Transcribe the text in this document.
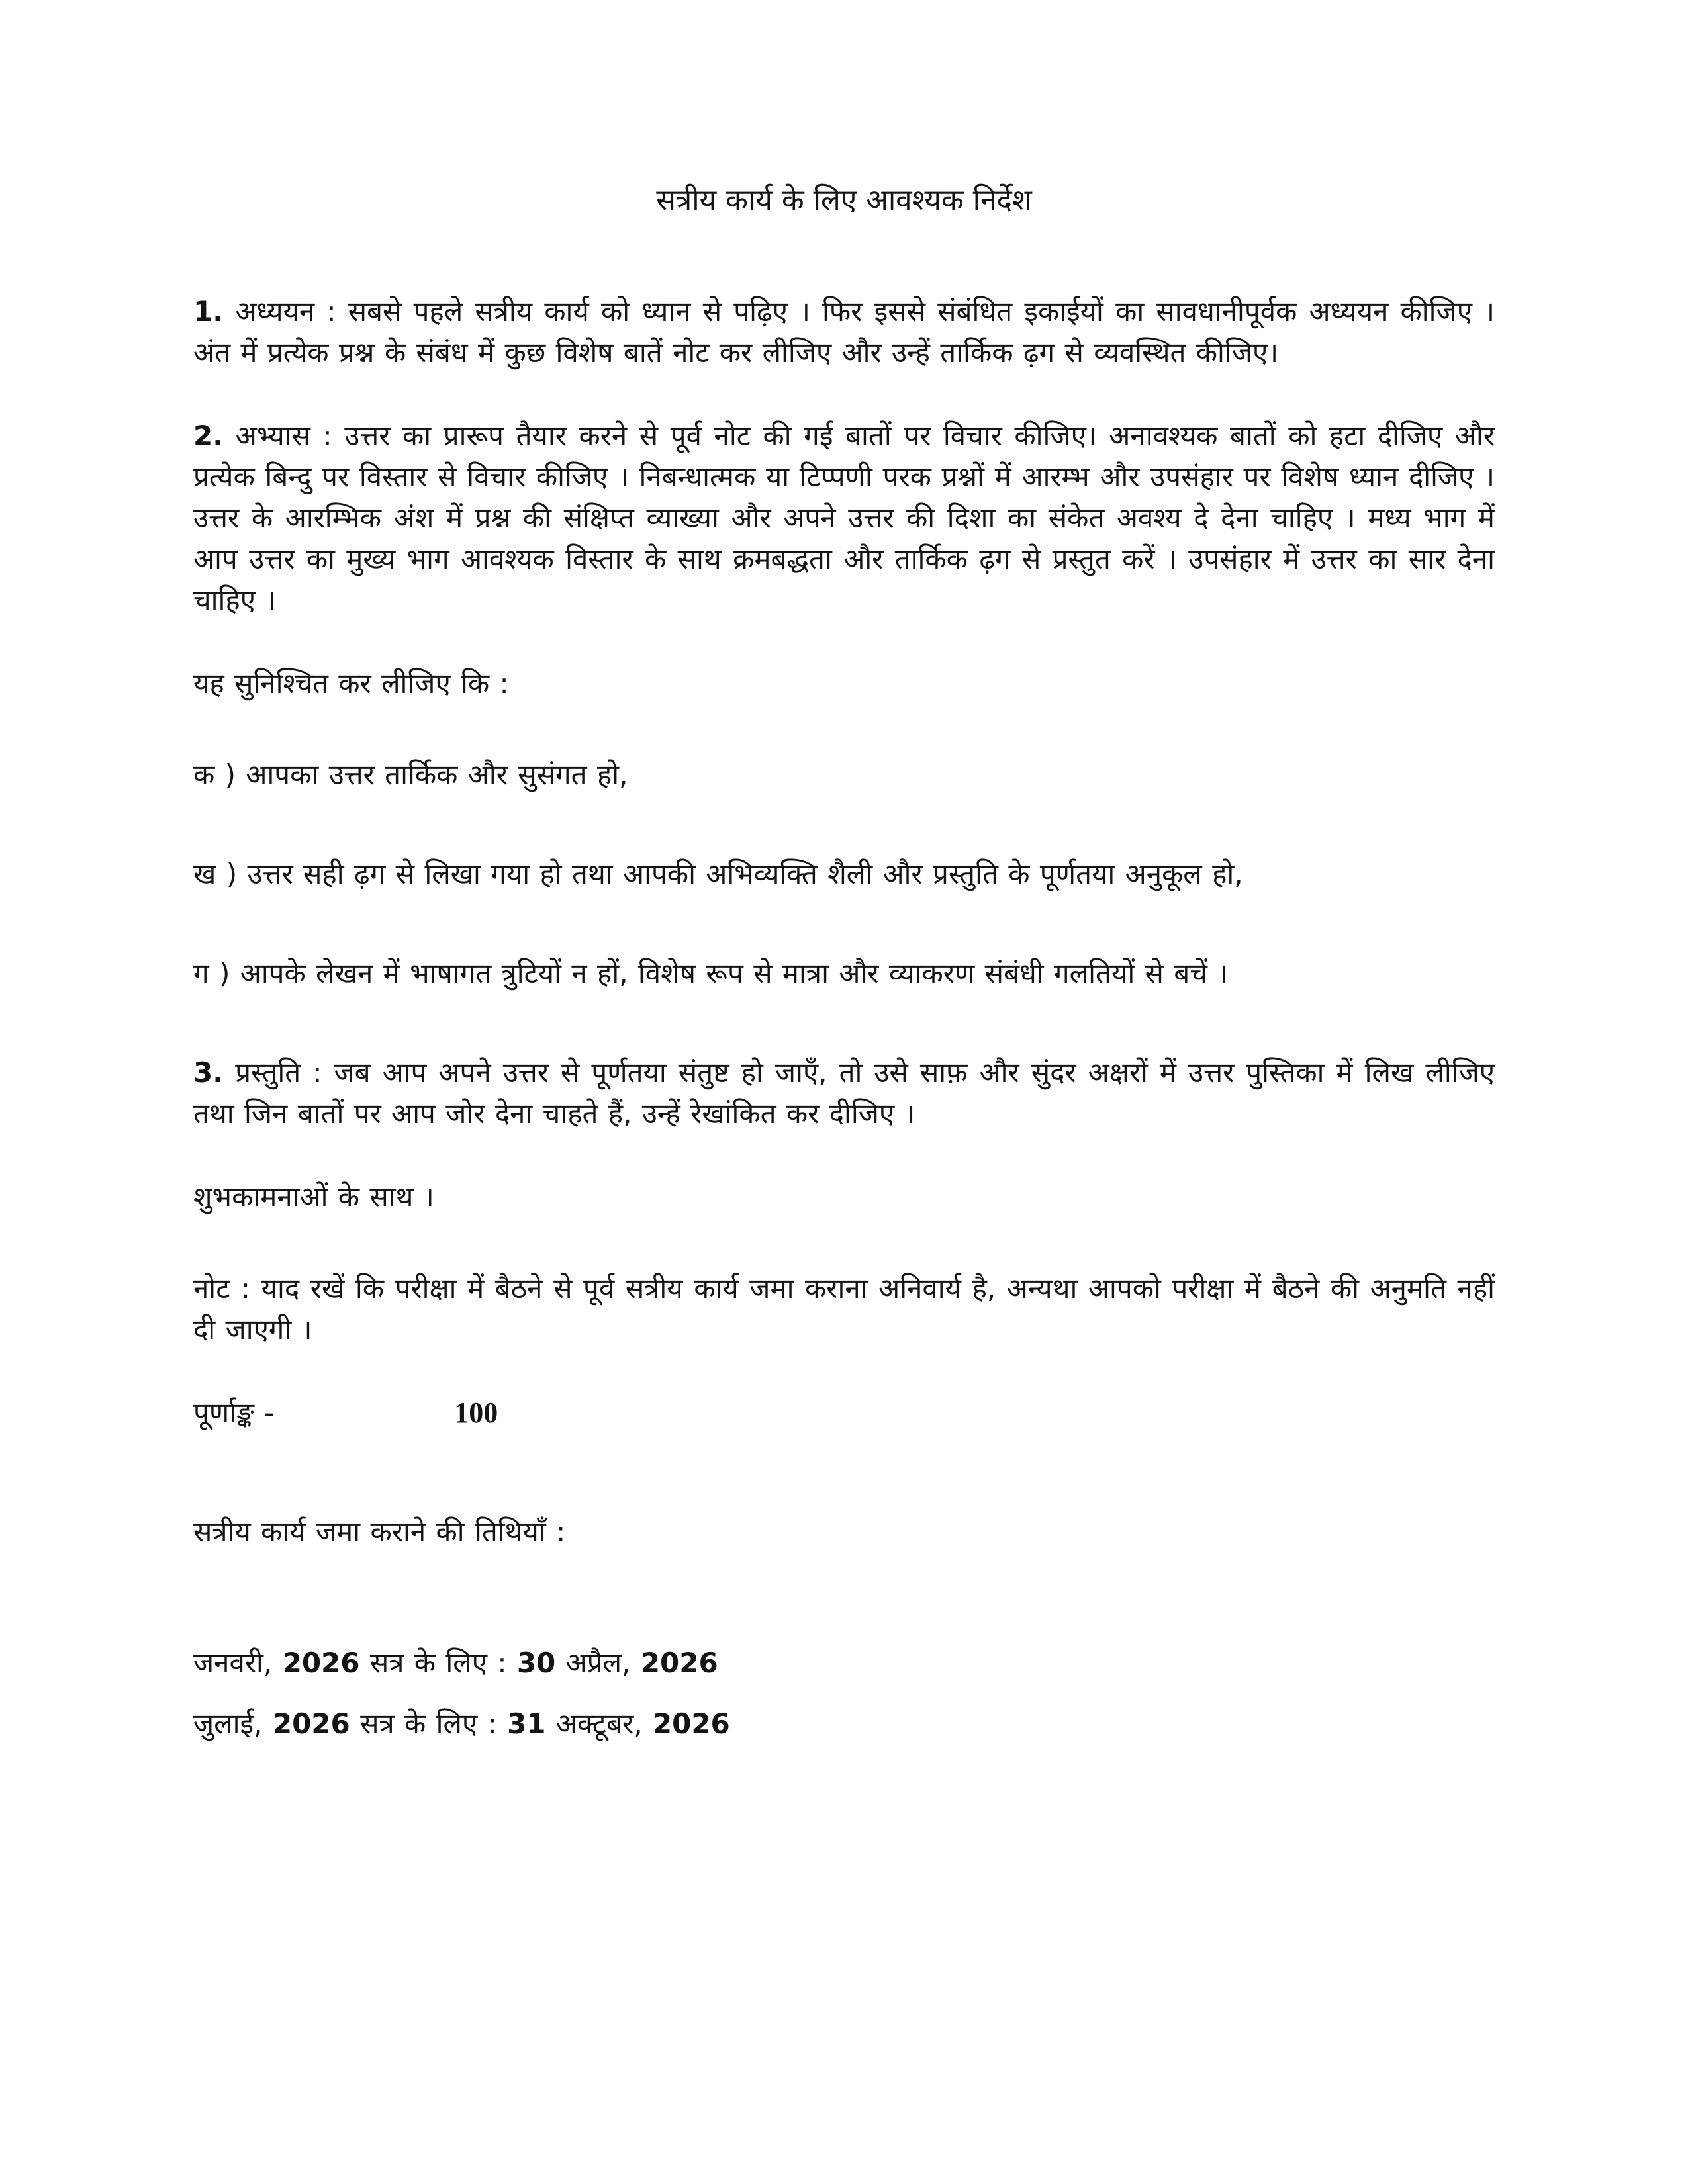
सत्रीय कार्य के लिए आवश्यक निर्देश

1. अध्ययन : सबसे पहले सत्रीय कार्य को ध्यान से पढ़िए । फिर इससे संबंधित इकाईयों का सावधानीपूर्वक अध्ययन कीजिए । अंत में प्रत्येक प्रश्न के संबंध में कुछ विशेष बातें नोट कर लीजिए और उन्हें तार्किक ढ़ग से व्यवस्थित कीजिए।

2. अभ्यास : उत्तर का प्रारूप तैयार करने से पूर्व नोट की गई बातों पर विचार कीजिए। अनावश्यक बातों को हटा दीजिए और प्रत्येक बिन्दु पर विस्तार से विचार कीजिए । निबन्धात्मक या टिप्पणी परक प्रश्नों में आरम्भ और उपसंहार पर विशेष ध्यान दीजिए । उत्तर के आरम्भिक अंश में प्रश्न की संक्षिप्त व्याख्या और अपने उत्तर की दिशा का संकेत अवश्य दे देना चाहिए । मध्य भाग में आप उत्तर का मुख्य भाग आवश्यक विस्तार के साथ क्रमबद्धता और तार्किक ढ़ग से प्रस्तुत करें । उपसंहार में उत्तर का सार देना चाहिए ।

यह सुनिश्चित कर लीजिए कि :

क ) आपका उत्तर तार्किक और सुसंगत हो,

ख ) उत्तर सही ढ़ग से लिखा गया हो तथा आपकी अभिव्यक्ति शैली और प्रस्तुति के पूर्णतया अनुकूल हो,

ग ) आपके लेखन में भाषागत त्रुटियों न हों, विशेष रूप से मात्रा और व्याकरण संबंधी गलतियों से बचें ।

3. प्रस्तुति : जब आप अपने उत्तर से पूर्णतया संतुष्ट हो जाएँ, तो उसे साफ़ और सुंदर अक्षरों में उत्तर पुस्तिका में लिख लीजिए तथा जिन बातों पर आप जोर देना चाहते हैं, उन्हें रेखांकित कर दीजिए ।

शुभकामनाओं के साथ ।

नोट : याद रखें कि परीक्षा में बैठने से पूर्व सत्रीय कार्य जमा कराना अनिवार्य है, अन्यथा आपको परीक्षा में बैठने की अनुमति नहीं दी जाएगी ।

पूर्णाङ्क -	100

सत्रीय कार्य जमा कराने की तिथियाँ :

जनवरी, 2026 सत्र के लिए : 30 अप्रैल, 2026

जुलाई, 2026 सत्र के लिए : 31 अक्टूबर, 2026
